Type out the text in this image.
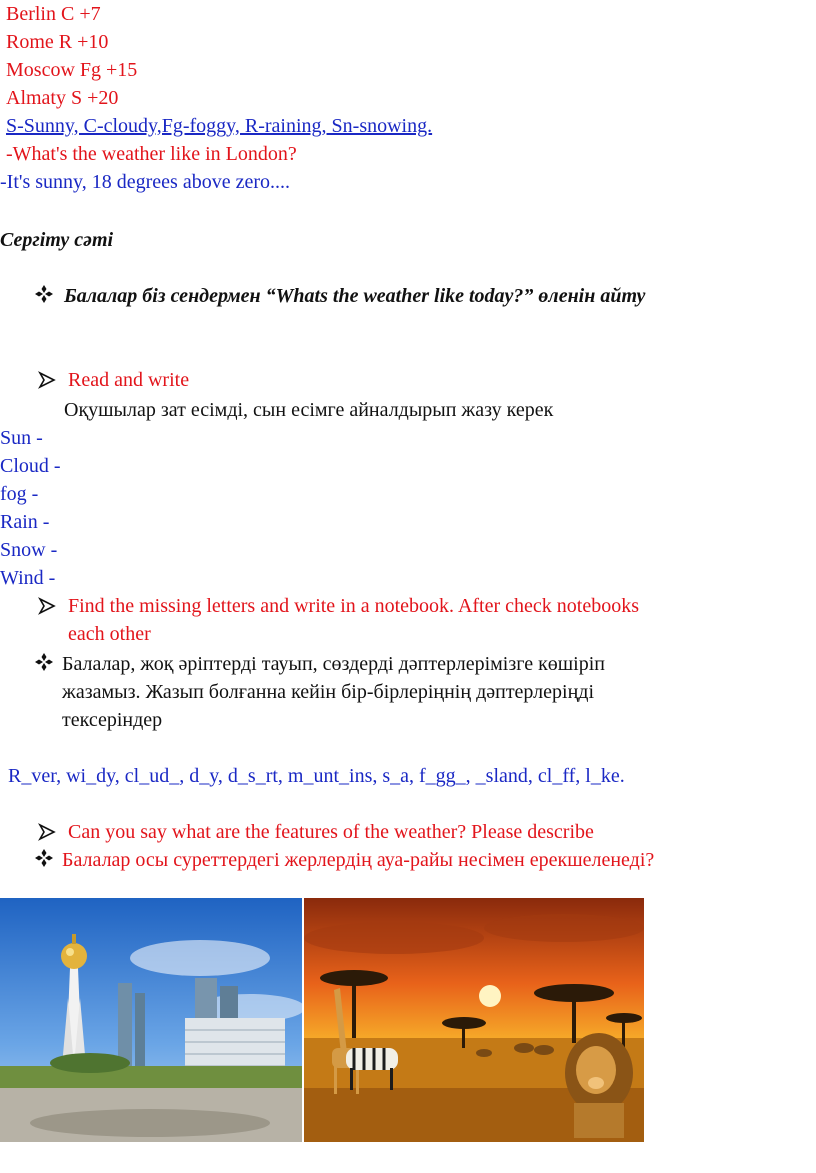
Berlin C +7
Rome R +10
Moscow Fg +15
Almaty S +20
S-Sunny, C-cloudy,Fg-foggy, R-raining, Sn-snowing.
-What's the weather like in London?
-It's sunny, 18 degrees above zero....
Сергіту сәті
Балалар біз сендермен “Whats the weather like today?” өленін айту
Read and write
Оқушылар зат есімді, сын есімге айналдырып жазу керек
Sun -
Cloud -
fog -
Rain -
Snow -
Wind -
Find the missing letters and write in a notebook. After check notebooks
each other
Балалар, жоқ әріптерді тауып, сөздерді дәптерлерімізге көшіріп
жазамыз. Жазып болғанна кейін бір-бірлеріңнің дәптерлеріңді
тексеріндер
R_ver, wi_dy, cl_ud_, d_y, d_s_rt, m_unt_ins, s_a, f_gg_, _sland, cl_ff, l_ke.
Can you say what are the features of the weather? Please describe
Балалар осы суреттердегі жерлердің ауа-райы несімен ерекшеленеді?
